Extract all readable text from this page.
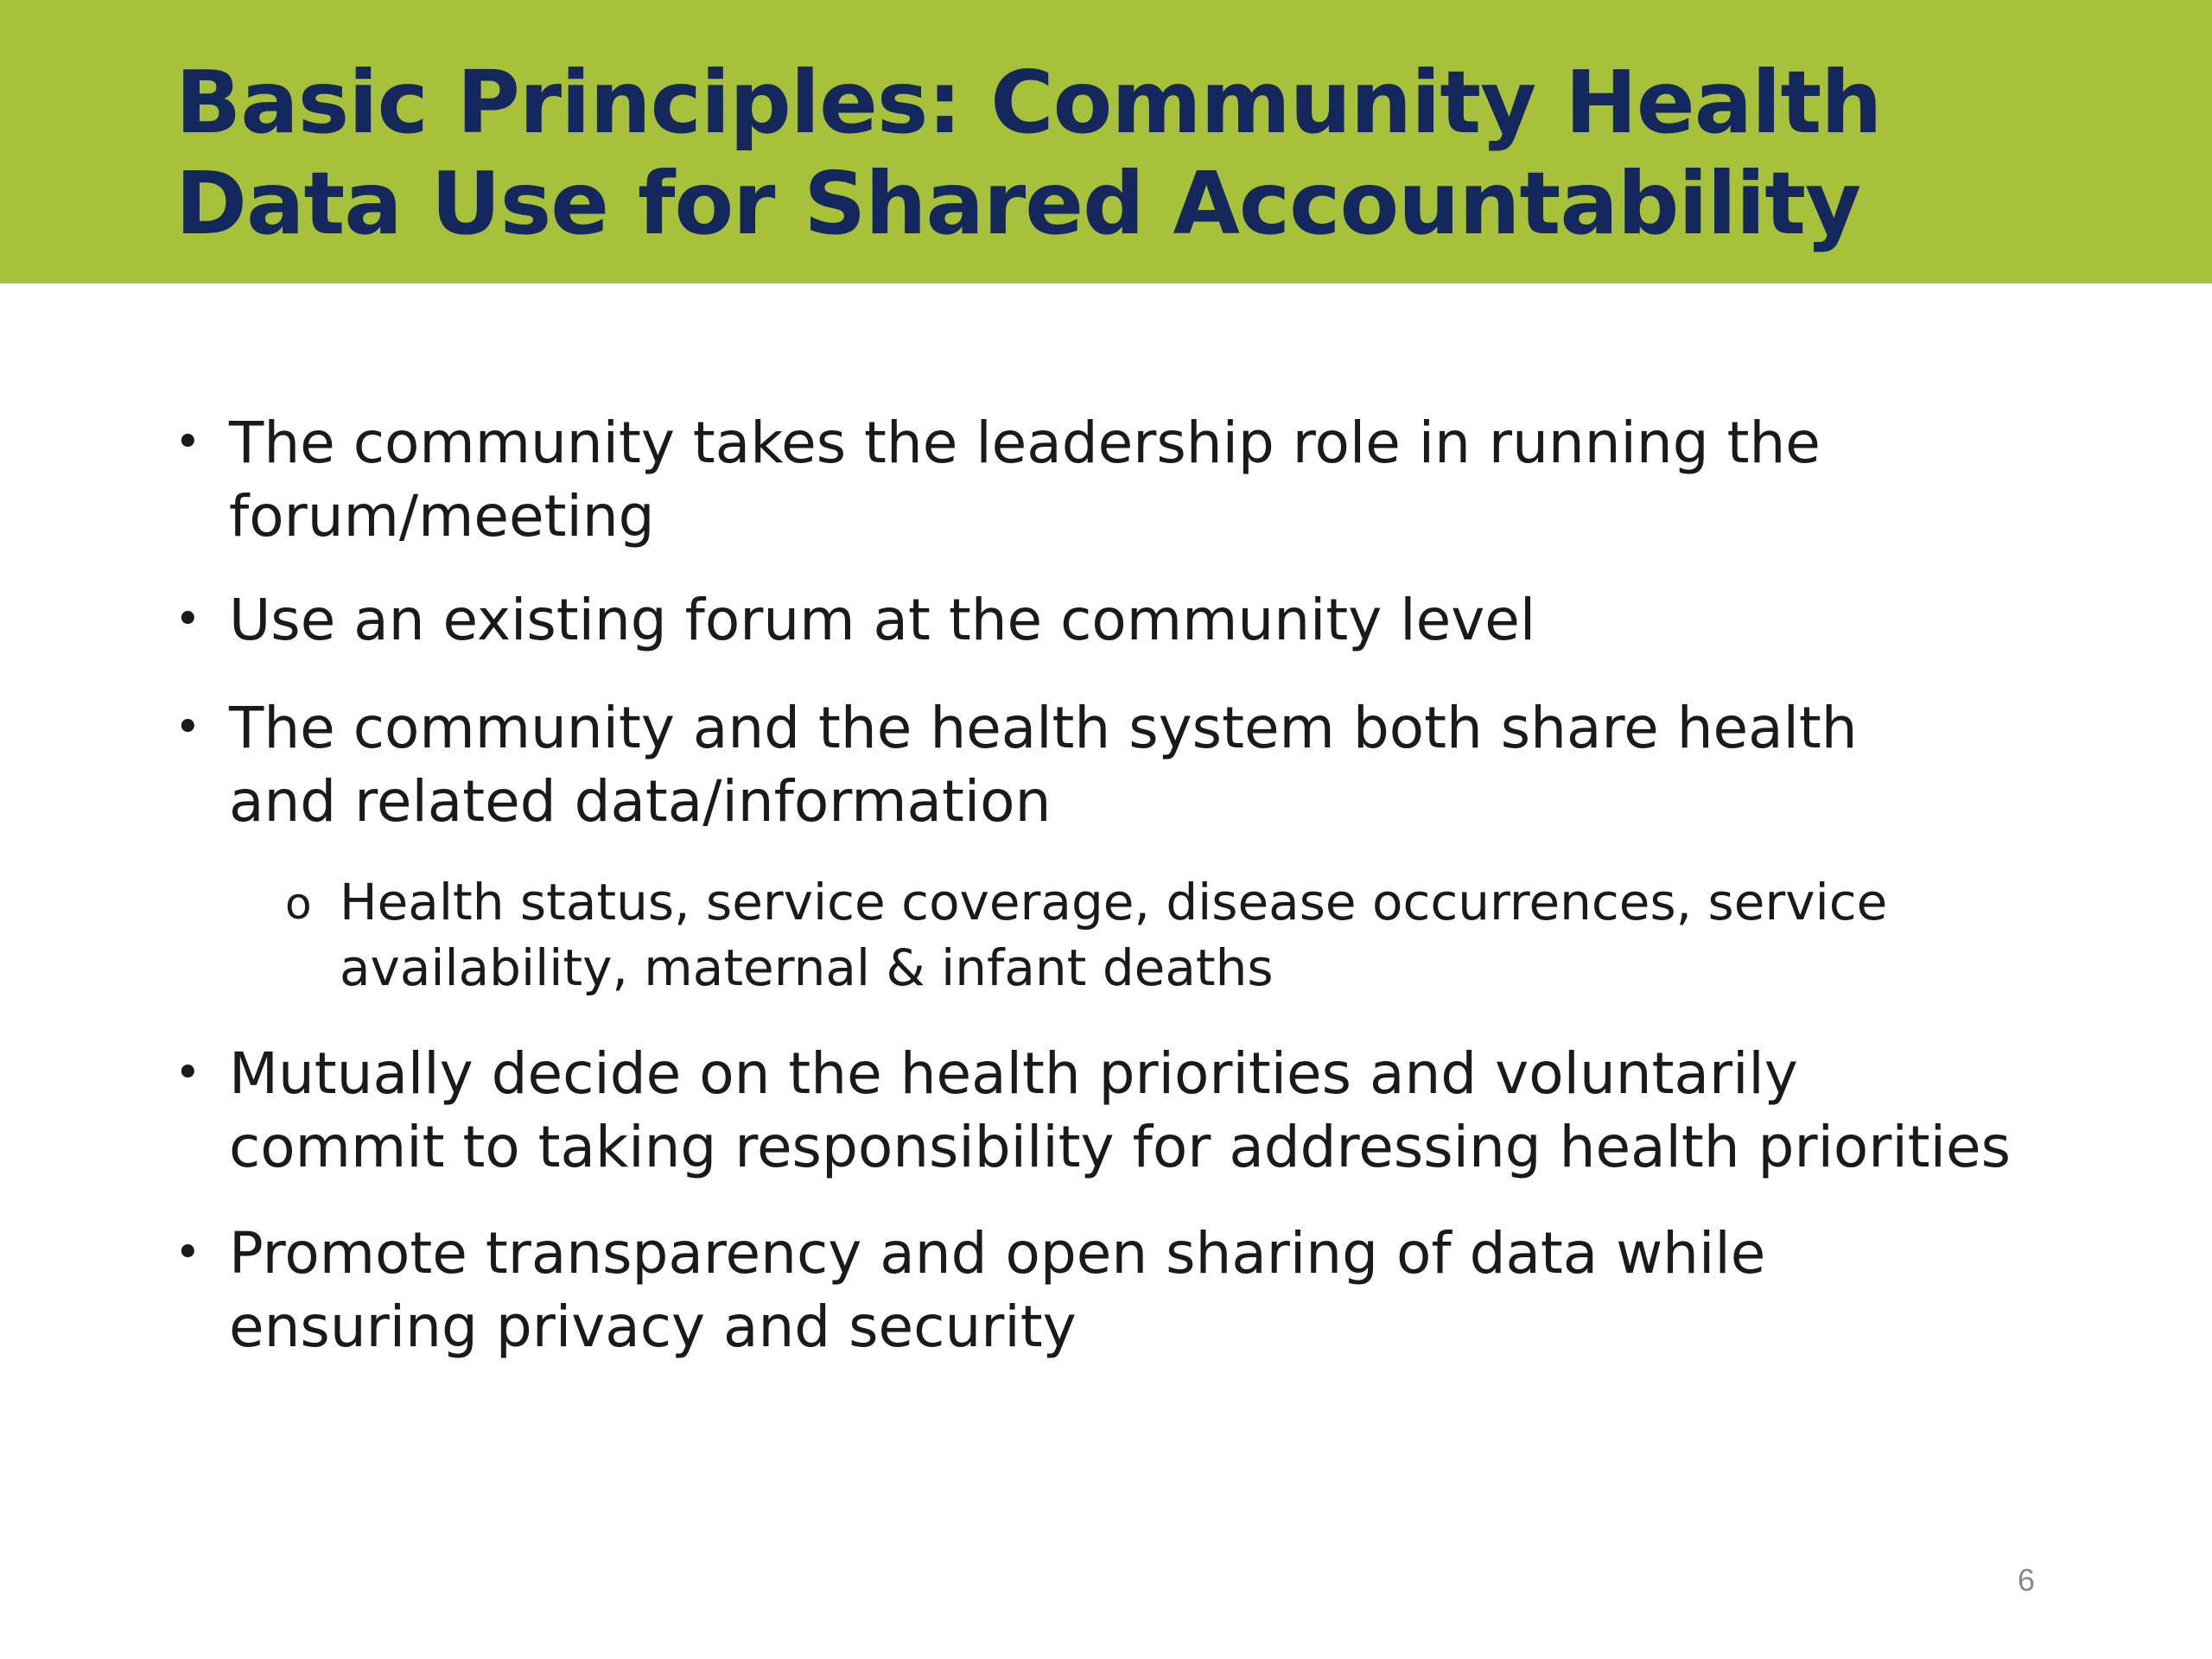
Basic Principles: Community Health
Data Use for Shared Accountability
• The community takes the leadership role in running the
forum/meeting
• Use an existing forum at the community level
• The community and the health system both share health
and related data/information
o Health status, service coverage, disease occurrences, service
availability, maternal & infant deaths
• Mutually decide on the health priorities and voluntarily
commit to taking responsibility for addressing health priorities
• Promote transparency and open sharing of data while
ensuring privacy and security
6
